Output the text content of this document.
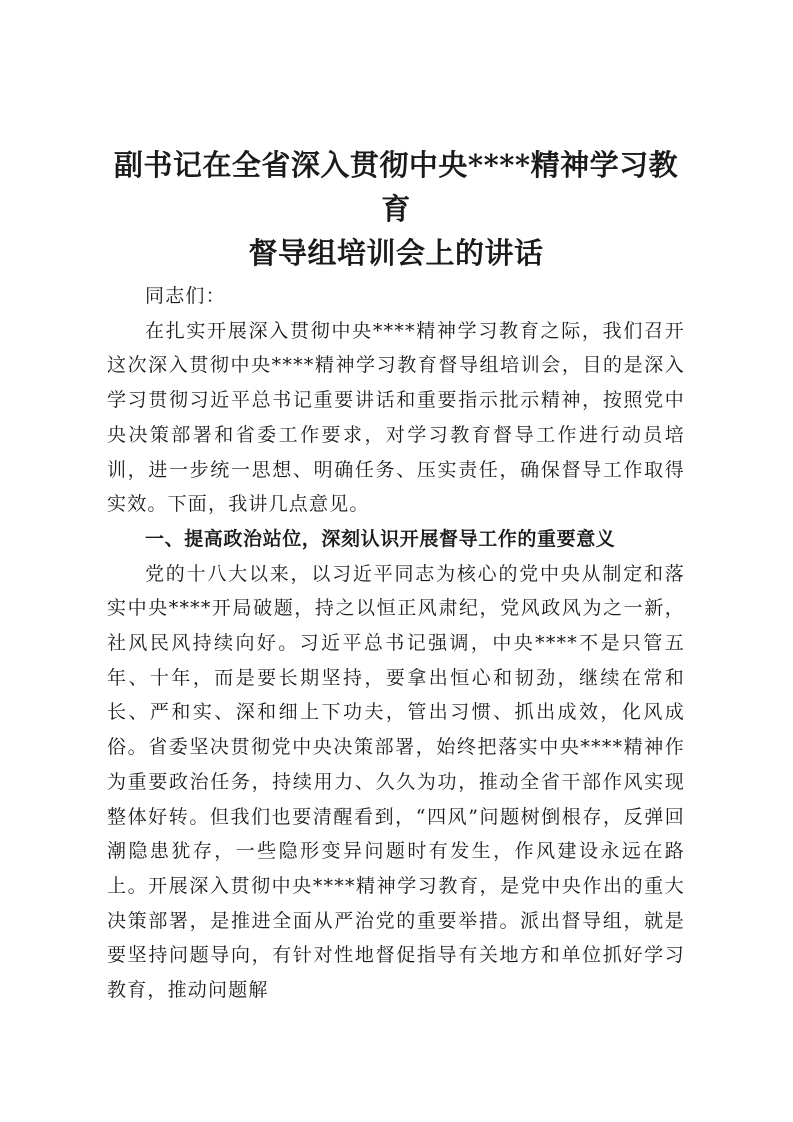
副书记在全省深入贯彻中央****精神学习教育
督导组培训会上的讲话

同志们：

在扎实开展深入贯彻中央****精神学习教育之际，我们召开这次深入贯彻中央****精神学习教育督导组培训会，目的是深入学习贯彻习近平总书记重要讲话和重要指示批示精神，按照党中央决策部署和省委工作要求，对学习教育督导工作进行动员培训，进一步统一思想、明确任务、压实责任，确保督导工作取得实效。下面，我讲几点意见。

一、提高政治站位，深刻认识开展督导工作的重要意义

党的十八大以来，以习近平同志为核心的党中央从制定和落实中央****开局破题，持之以恒正风肃纪，党风政风为之一新，社风民风持续向好。习近平总书记强调，中央****不是只管五年、十年，而是要长期坚持，要拿出恒心和韧劲，继续在常和长、严和实、深和细上下功夫，管出习惯、抓出成效，化风成俗。省委坚决贯彻党中央决策部署，始终把落实中央****精神作为重要政治任务，持续用力、久久为功，推动全省干部作风实现整体好转。但我们也要清醒看到，“四风”问题树倒根存，反弹回潮隐患犹存，一些隐形变异问题时有发生，作风建设永远在路上。开展深入贯彻中央****精神学习教育，是党中央作出的重大决策部署，是推进全面从严治党的重要举措。派出督导组，就是要坚持问题导向，有针对性地督促指导有关地方和单位抓好学习教育，推动问题解
